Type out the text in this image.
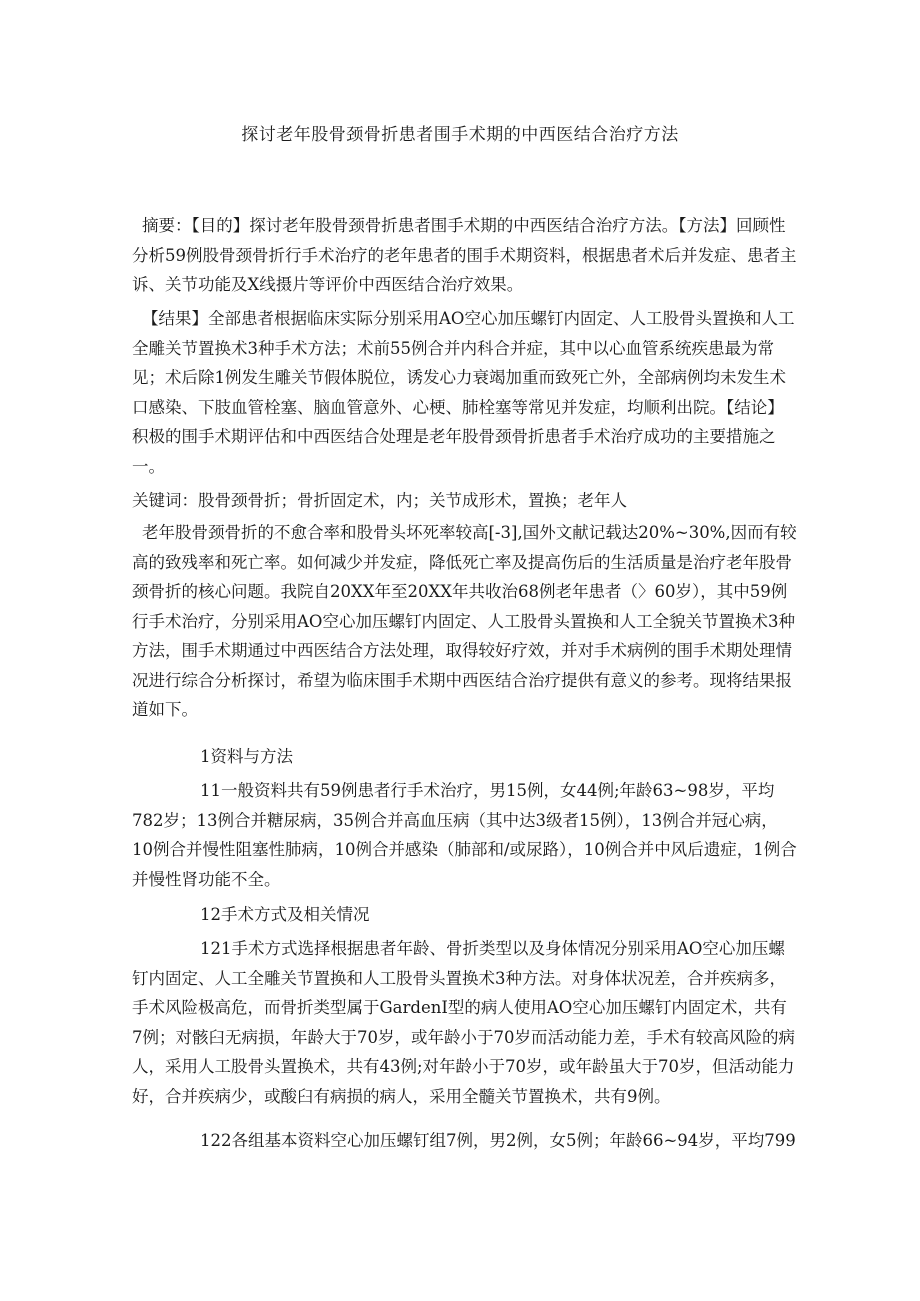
探讨老年股骨颈骨折患者围手术期的中西医结合治疗方法

摘要：【目的】探讨老年股骨颈骨折患者围手术期的中西医结合治疗方法。【方法】回顾性分析59例股骨颈骨折行手术治疗的老年患者的围手术期资料，根据患者术后并发症、患者主诉、关节功能及X线摄片等评价中西医结合治疗效果。

【结果】全部患者根据临床实际分别采用AO空心加压螺钉内固定、人工股骨头置换和人工全雕关节置换术3种手术方法；术前55例合并内科合并症，其中以心血管系统疾患最为常见；术后除1例发生雕关节假体脱位，诱发心力衰竭加重而致死亡外，全部病例均未发生术口感染、下肢血管栓塞、脑血管意外、心梗、肺栓塞等常见并发症，均顺利出院。【结论】积极的围手术期评估和中西医结合处理是老年股骨颈骨折患者手术治疗成功的主要措施之一。

关键词：股骨颈骨折；骨折固定术，内；关节成形术，置换；老年人

老年股骨颈骨折的不愈合率和股骨头坏死率较高[-3],国外文献记载达20%~30%,因而有较高的致残率和死亡率。如何减少并发症，降低死亡率及提高伤后的生活质量是治疗老年股骨颈骨折的核心问题。我院自20XX年至20XX年共收治68例老年患者（〉60岁），其中59例行手术治疗，分别采用AO空心加压螺钉内固定、人工股骨头置换和人工全貌关节置换术3种方法，围手术期通过中西医结合方法处理，取得较好疗效，并对手术病例的围手术期处理情况进行综合分析探讨，希望为临床围手术期中西医结合治疗提供有意义的参考。现将结果报道如下。

1资料与方法

11一般资料共有59例患者行手术治疗，男15例，女44例;年龄63~98岁，平均782岁；13例合并糖尿病，35例合并高血压病（其中达3级者15例），13例合并冠心病，10例合并慢性阻塞性肺病，10例合并感染（肺部和/或尿路），10例合并中风后遗症，1例合并慢性肾功能不全。

12手术方式及相关情况

121手术方式选择根据患者年龄、骨折类型以及身体情况分别采用AO空心加压螺钉内固定、人工全雕关节置换和人工股骨头置换术3种方法。对身体状况差，合并疾病多，手术风险极高危，而骨折类型属于GardenI型的病人使用AO空心加压螺钉内固定术，共有7例；对骸臼无病损，年龄大于70岁，或年龄小于70岁而活动能力差，手术有较高风险的病人，采用人工股骨头置换术，共有43例;对年龄小于70岁，或年龄虽大于70岁，但活动能力好，合并疾病少，或酸臼有病损的病人，采用全髓关节置换术，共有9例。

122各组基本资料空心加压螺钉组7例，男2例，女5例；年龄66~94岁，平均799
